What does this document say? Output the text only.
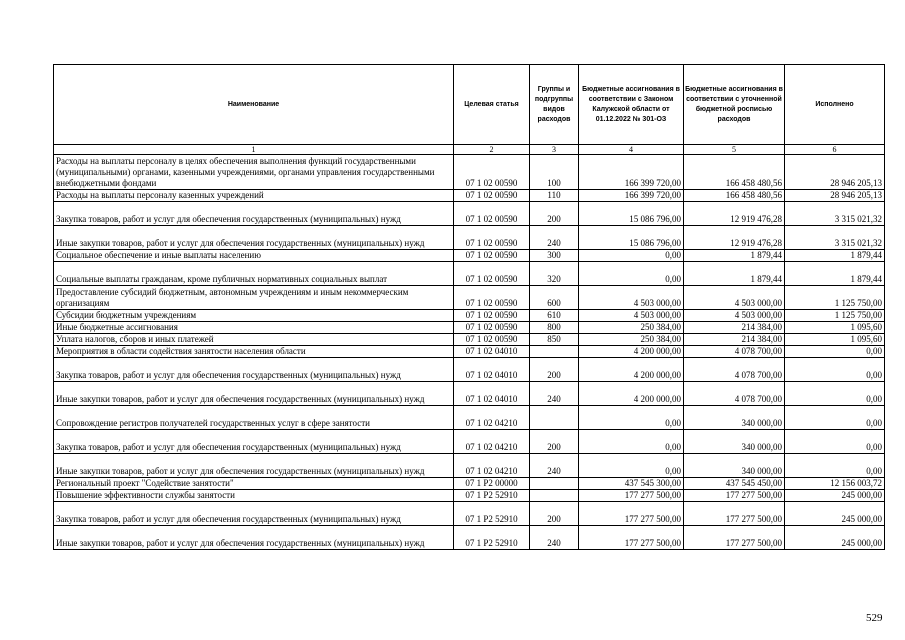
Наименование	Целевая статья	Группы и подгруппы видов расходов	Бюджетные ассигнования в соответствии с Законом Калужской области от 01.12.2022 № 301-ОЗ	Бюджетные ассигнования в соответствии с уточненной бюджетной росписью расходов	Исполнено
1	2	3	4	5	6
Расходы на выплаты персоналу в целях обеспечения выполнения функций государственными (муниципальными) органами, казенными учреждениями, органами управления государственными внебюджетными фондами	07 1 02 00590	100	166 399 720,00	166 458 480,56	28 946 205,13
Расходы на выплаты персоналу казенных учреждений	07 1 02 00590	110	166 399 720,00	166 458 480,56	28 946 205,13
Закупка товаров, работ и услуг для обеспечения государственных (муниципальных) нужд	07 1 02 00590	200	15 086 796,00	12 919 476,28	3 315 021,32
Иные закупки товаров, работ и услуг для обеспечения государственных (муниципальных) нужд	07 1 02 00590	240	15 086 796,00	12 919 476,28	3 315 021,32
Социальное обеспечение и иные выплаты населению	07 1 02 00590	300	0,00	1 879,44	1 879,44
Социальные выплаты гражданам, кроме публичных нормативных социальных выплат	07 1 02 00590	320	0,00	1 879,44	1 879,44
Предоставление субсидий бюджетным, автономным учреждениям и иным некоммерческим организациям	07 1 02 00590	600	4 503 000,00	4 503 000,00	1 125 750,00
Субсидии бюджетным учреждениям	07 1 02 00590	610	4 503 000,00	4 503 000,00	1 125 750,00
Иные бюджетные ассигнования	07 1 02 00590	800	250 384,00	214 384,00	1 095,60
Уплата налогов, сборов и иных платежей	07 1 02 00590	850	250 384,00	214 384,00	1 095,60
Мероприятия в области содействия занятости населения области	07 1 02 04010		4 200 000,00	4 078 700,00	0,00
Закупка товаров, работ и услуг для обеспечения государственных (муниципальных) нужд	07 1 02 04010	200	4 200 000,00	4 078 700,00	0,00
Иные закупки товаров, работ и услуг для обеспечения государственных (муниципальных) нужд	07 1 02 04010	240	4 200 000,00	4 078 700,00	0,00
Сопровождение регистров получателей государственных услуг в сфере занятости	07 1 02 04210		0,00	340 000,00	0,00
Закупка товаров, работ и услуг для обеспечения государственных (муниципальных) нужд	07 1 02 04210	200	0,00	340 000,00	0,00
Иные закупки товаров, работ и услуг для обеспечения государственных (муниципальных) нужд	07 1 02 04210	240	0,00	340 000,00	0,00
Региональный проект "Содействие занятости"	07 1 P2 00000		437 545 300,00	437 545 450,00	12 156 003,72
Повышение эффективности службы занятости	07 1 P2 52910		177 277 500,00	177 277 500,00	245 000,00
Закупка товаров, работ и услуг для обеспечения государственных (муниципальных) нужд	07 1 P2 52910	200	177 277 500,00	177 277 500,00	245 000,00
Иные закупки товаров, работ и услуг для обеспечения государственных (муниципальных) нужд	07 1 P2 52910	240	177 277 500,00	177 277 500,00	245 000,00
529
